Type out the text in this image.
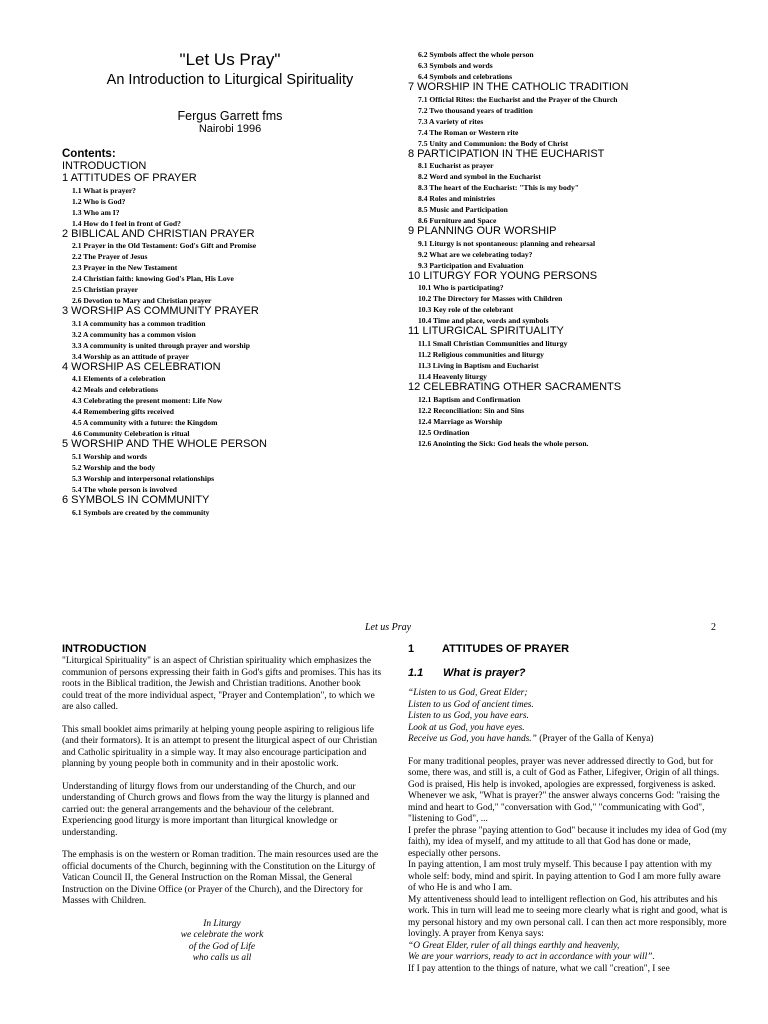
"Let Us Pray"
An Introduction to Liturgical Spirituality
Fergus Garrett fms
Nairobi 1996
Contents:
INTRODUCTION
1 ATTITUDES OF PRAYER
1.1 What is prayer?
1.2 Who is God?
1.3 Who am I?
1.4 How do I feel in front of God?
2 BIBLICAL AND CHRISTIAN PRAYER
2.1 Prayer in the Old Testament: God's Gift and Promise
2.2 The Prayer of Jesus
2.3 Prayer in the New Testament
2.4 Christian faith: knowing God's Plan, His Love
2.5 Christian prayer
2.6 Devotion to Mary and Christian prayer
3 WORSHIP AS COMMUNITY PRAYER
3.1 A community has a common tradition
3.2 A community has a common vision
3.3 A community is united through prayer and worship
3.4 Worship as an attitude of prayer
4 WORSHIP AS CELEBRATION
4.1 Elements of a celebration
4.2 Meals and celebrations
4.3 Celebrating the present moment: Life Now
4.4 Remembering gifts received
4.5 A community with a future: the Kingdom
4.6 Community Celebration is ritual
5 WORSHIP AND THE WHOLE PERSON
5.1 Worship and words
5.2 Worship and the body
5.3 Worship and interpersonal relationships
5.4 The whole person is involved
6 SYMBOLS IN COMMUNITY
6.1 Symbols are created by the community
6.2 Symbols affect the whole person
6.3 Symbols and words
6.4 Symbols and celebrations
7 WORSHIP IN THE CATHOLIC TRADITION
7.1 Official Rites: the Eucharist and the Prayer of the Church
7.2 Two thousand years of tradition
7.3 A variety of rites
7.4 The Roman or Western rite
7.5 Unity and Communion: the Body of Christ
8 PARTICIPATION IN THE EUCHARIST
8.1 Eucharist as prayer
8.2 Word and symbol in the Eucharist
8.3 The heart of the Eucharist: "This is my body"
8.4 Roles and ministries
8.5 Music and Participation
8.6 Furniture and Space
9 PLANNING OUR WORSHIP
9.1 Liturgy is not spontaneous: planning and rehearsal
9.2 What are we celebrating today?
9.3 Participation and Evaluation
10 LITURGY FOR YOUNG PERSONS
10.1 Who is participating?
10.2 The Directory for Masses with Children
10.3 Key role of the celebrant
10.4 Time and place, words and symbols
11 LITURGICAL SPIRITUALITY
11.1 Small Christian Communities and liturgy
11.2 Religious communities and liturgy
11.3 Living in Baptism and Eucharist
11.4 Heavenly liturgy
12 CELEBRATING OTHER SACRAMENTS
12.1 Baptism and Confirmation
12.2 Reconciliation: Sin and Sins
12.4 Marriage as Worship
12.5 Ordination
12.6 Anointing the Sick: God heals the whole person.
Let us Pray	2
INTRODUCTION

"Liturgical Spirituality" is an aspect of Christian spirituality which emphasizes the communion of persons expressing their faith in God's gifts and promises. This has its roots in the Biblical tradition, the Jewish and Christian traditions. Another book could treat of the more individual aspect, "Prayer and Contemplation", to which we are also called.

This small booklet aims primarily at helping young people aspiring to religious life (and their formators). It is an attempt to present the liturgical aspect of our Christian and Catholic spirituality in a simple way. It may also encourage participation and planning by young people both in community and in their apostolic work.

Understanding of liturgy flows from our understanding of the Church, and our understanding of Church grows and flows from the way the liturgy is planned and carried out: the general arrangements and the behaviour of the celebrant. Experiencing good liturgy is more important than liturgical knowledge or understanding.

The emphasis is on the western or Roman tradition. The main resources used are the official documents of the Church, beginning with the Constitution on the Liturgy of Vatican Council II, the General Instruction on the Roman Missal, the General Instruction on the Divine Office (or Prayer of the Church), and the Directory for Masses with Children.

In Liturgy
we celebrate the work
of the God of Life
who calls us all
1	ATTITUDES OF PRAYER
1.1	What is prayer?
“Listen to us God, Great Elder;
Listen to us God of ancient times.
Listen to us God, you have ears.
Look at us God, you have eyes.
Receive us God, you have hands.” (Prayer of the Galla of Kenya)

For many traditional peoples, prayer was never addressed directly to God, but for some, there was, and still is, a cult of God as Father, Lifegiver, Origin of all things. God is praised, His help is invoked, apologies are expressed, forgiveness is asked.

Whenever we ask, "What is prayer?" the answer always concerns God: "raising the mind and heart to God," "conversation with God," "communicating with God", "listening to God", ...

I prefer the phrase "paying attention to God" because it includes my idea of God (my faith), my idea of myself, and my attitude to all that God has done or made, especially other persons.

In paying attention, I am most truly myself. This because I pay attention with my whole self: body, mind and spirit. In paying attention to God I am more fully aware of who He is and who I am.

My attentiveness should lead to intelligent reflection on God, his attributes and his work. This in turn will lead me to seeing more clearly what is right and good, what is my personal history and my own personal call. I can then act more responsibly, more lovingly. A prayer from Kenya says:

“O Great Elder, ruler of all things earthly and heavenly,
We are your warriors, ready to act in accordance with your will”.
If I pay attention to the things of nature, what we call "creation", I see
